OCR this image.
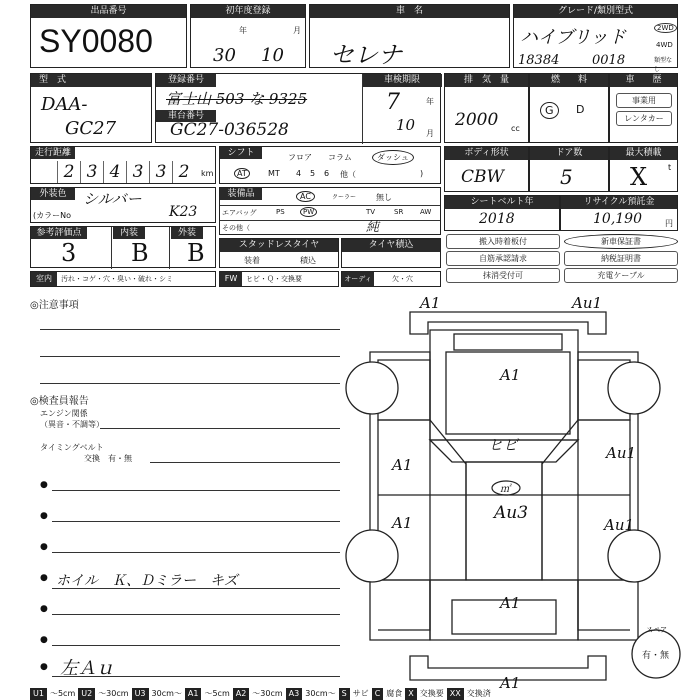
出品番号
SY0080
初年度登録
年	月
30 10
車　名
セレナ
グレード/類別型式
ハイブリッド
18384	0018
2WD
4WD
類型なし
型　式
DAA-
GC27
登録番号
富士山 503 な 9325
車台番号
GC27-036528
車検期限
7
10
年
月
排　気　量
2000 cc
燃　　料
G	D
車　　歴
事業用
レンタカー
走行距離
2 3 4 3 3 2	km
シフト	フロア コラム	ダッシュ
AT	MT 4 5 6 他（	)
ボディ形状
CBW
ドア数
5
最大積載
X	t
外装色	シルバー
(カラーNo	K23
装備品	AC	クーラー 無し
エアバッグ	PS	PW	TV	SR AW
その他（	純
シートベルト年
2018
リサイクル預託金
10,190	円
参考評価点	内装	外装
3 B B	スタッドレスタイヤ
装着	積込
タイヤ積込	搬入時着板付	新車保証書
自筋承認請求	納税証明書
抹消受付可	充電ケーブル
室内	汚れ・コゲ・穴・臭い・破れ・シミ	FW	ヒビ・Ｑ・交換要	オーディオ
欠・穴
◎注意事項
◎検査員報告
エンジン関係
（異音・不調等）
タイミングベルト
交換　有・無
●
●
●
● ホイル　Ｋ、Ｄミラー　キズ
●
●
● 左Ａｕ
A1	Au1
A1
ヒビ
A1
Au1
A1	Au1
㎡
Au3
A1
A1
スペア
有・無
U1 ～5cm U2 ～30cm U3 30cm～ A1 ～5cm A2 ～30cm A3 30cm～ S サビ C 腐食 X 交換要 XX 交換済
